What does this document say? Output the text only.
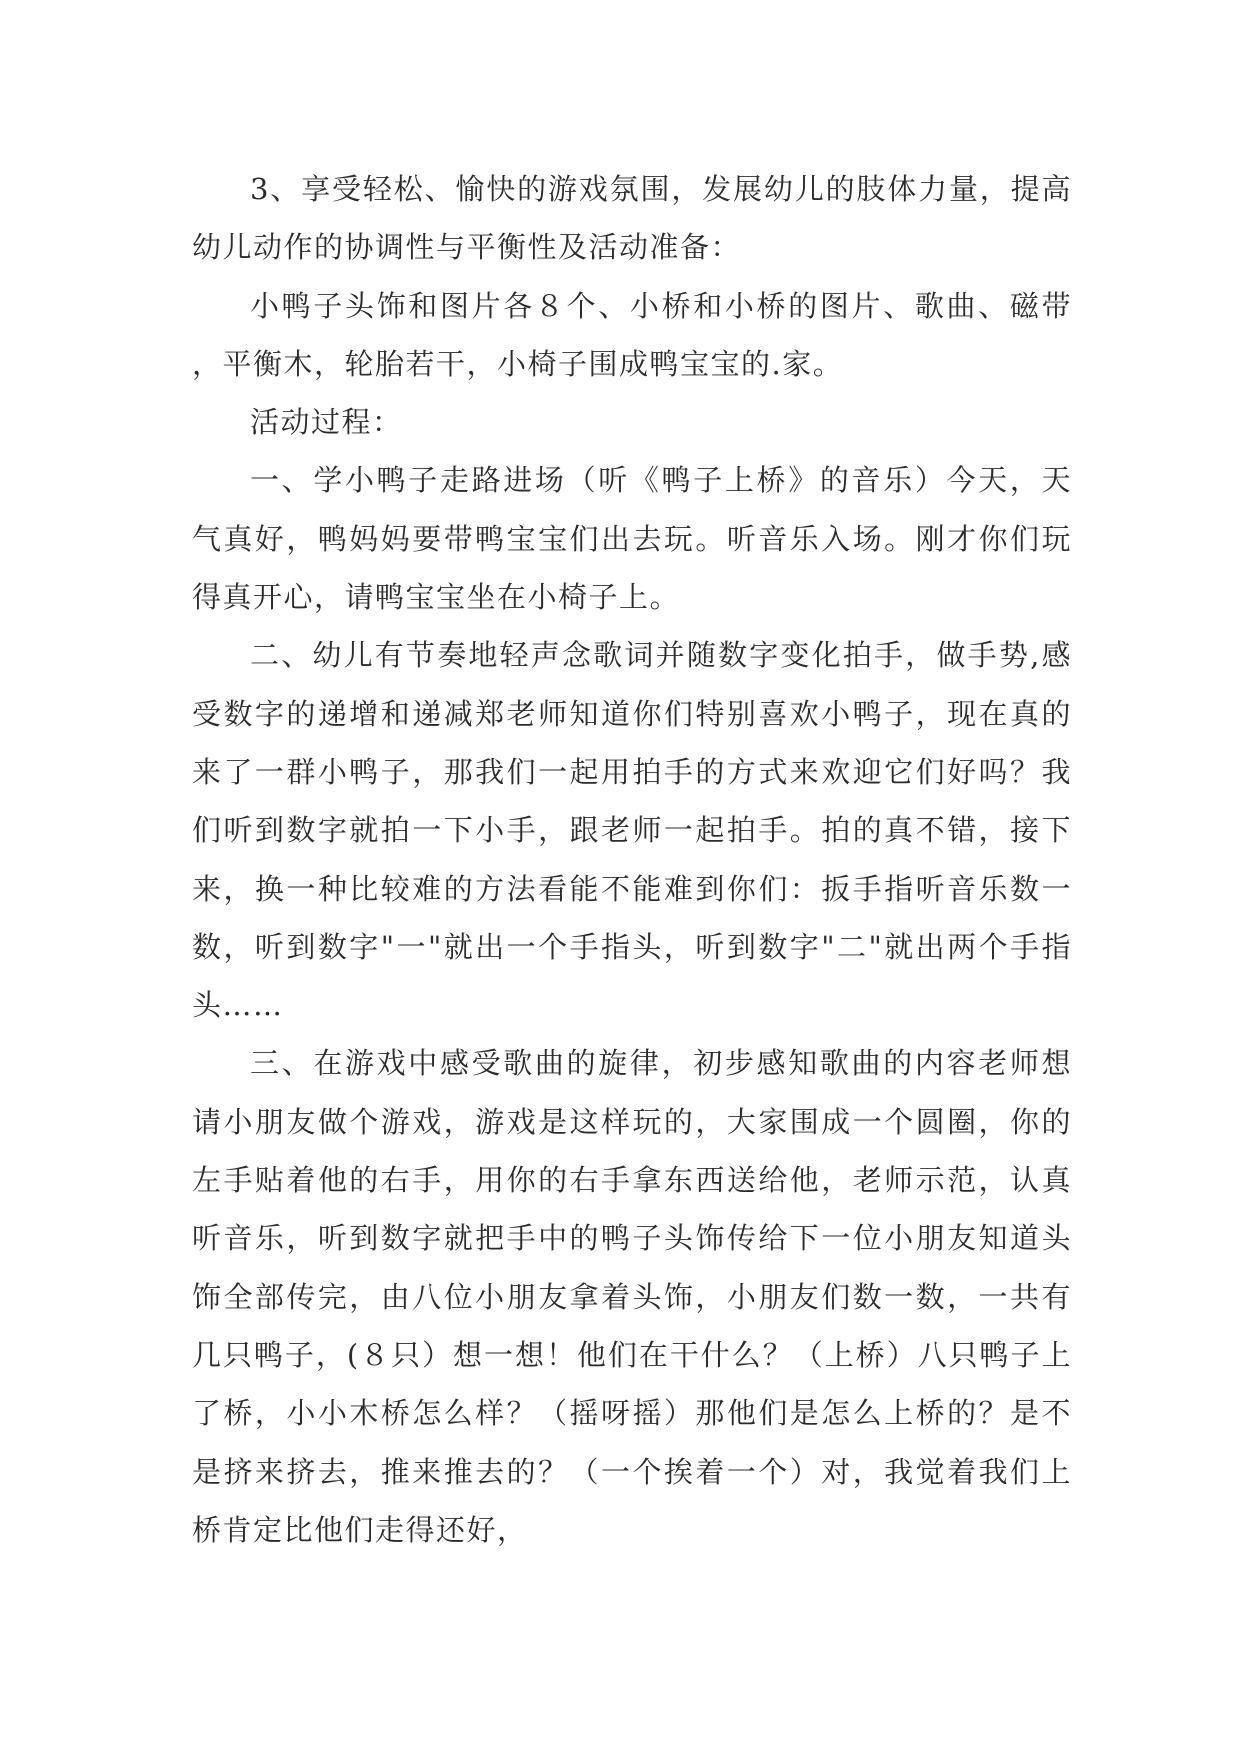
3、享受轻松、愉快的游戏氛围，发展幼儿的肢体力量，提高幼儿动作的协调性与平衡性及活动准备：

小鸭子头饰和图片各８个、小桥和小桥的图片、歌曲、磁带，平衡木，轮胎若干，小椅子围成鸭宝宝的.家。

活动过程：

一、学小鸭子走路进场（听《鸭子上桥》的音乐）今天，天气真好，鸭妈妈要带鸭宝宝们出去玩。听音乐入场。刚才你们玩得真开心，请鸭宝宝坐在小椅子上。

二、幼儿有节奏地轻声念歌词并随数字变化拍手，做手势,感受数字的递增和递减郑老师知道你们特别喜欢小鸭子，现在真的来了一群小鸭子，那我们一起用拍手的方式来欢迎它们好吗？我们听到数字就拍一下小手，跟老师一起拍手。拍的真不错，接下来，换一种比较难的方法看能不能难到你们：扳手指听音乐数一数，听到数字"一"就出一个手指头，听到数字"二"就出两个手指头……

三、在游戏中感受歌曲的旋律，初步感知歌曲的内容老师想请小朋友做个游戏，游戏是这样玩的，大家围成一个圆圈，你的左手贴着他的右手，用你的右手拿东西送给他，老师示范，认真听音乐，听到数字就把手中的鸭子头饰传给下一位小朋友知道头饰全部传完，由八位小朋友拿着头饰，小朋友们数一数，一共有几只鸭子，(８只）想一想！他们在干什么？（上桥）八只鸭子上了桥，小小木桥怎么样？（摇呀摇）那他们是怎么上桥的？是不是挤来挤去，推来推去的？（一个挨着一个）对，我觉着我们上桥肯定比他们走得还好，
